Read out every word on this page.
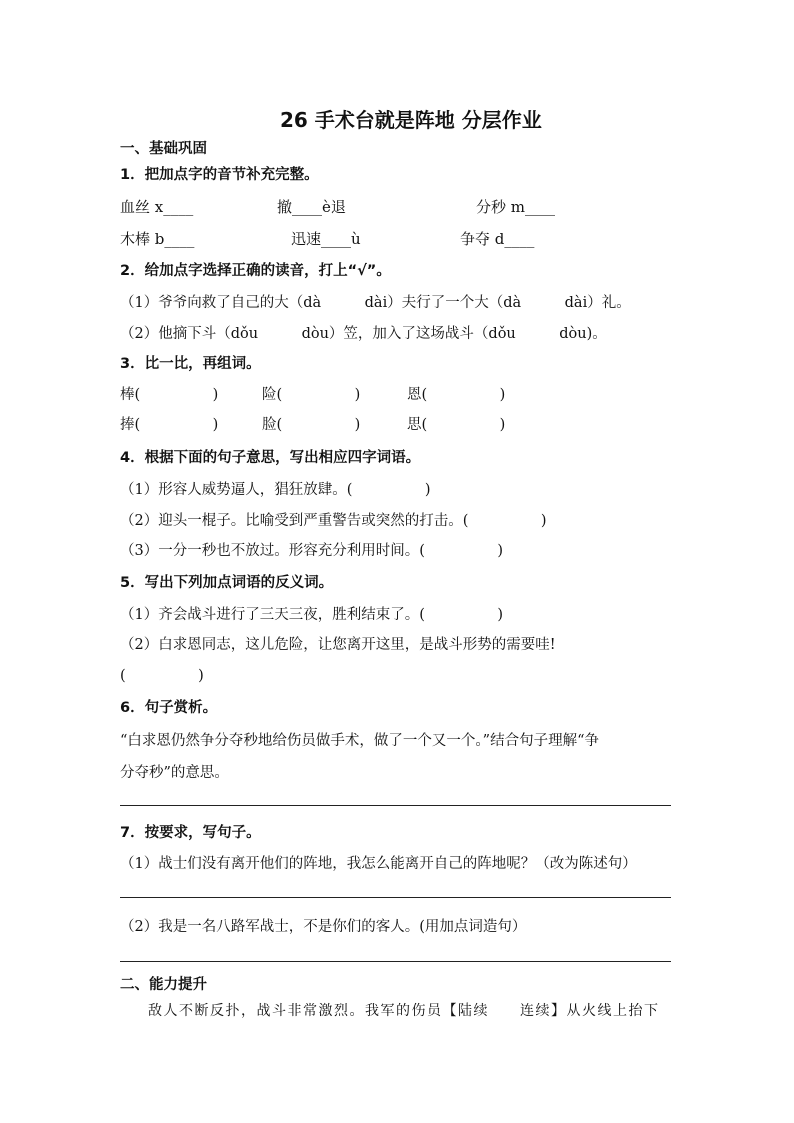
26 手术台就是阵地 分层作业
一、基础巩固
1．把加点字的音节补充完整。
血丝 x____	撤____è退	分秒 m____
木棒 b____	迅速____ù	争夺 d____
2．给加点字选择正确的读音，打上“√”。
（1）爷爷向救了自己的大（dà　　　dài）夫行了一个大（dà　　　dài）礼。
（2）他摘下斗（dǒu　　　dòu）笠，加入了这场战斗（dǒu　　　dòu)。
3．比一比，再组词。
棒(　　　　　)	险(　　　　　)	恩(　　　　　)
捧(　　　　　)	脸(　　　　　)	思(　　　　　)
4．根据下面的句子意思，写出相应四字词语。
（1）形容人威势逼人，猖狂放肆。(　　　　　)
（2）迎头一棍子。比喻受到严重警告或突然的打击。(　　　　　)
（3）一分一秒也不放过。形容充分利用时间。(　　　　　)
5．写出下列加点词语的反义词。
（1）齐会战斗进行了三天三夜，胜利结束了。(　　　　　)
（2）白求恩同志，这儿危险，让您离开这里，是战斗形势的需要哇!
(　　　　　)
6．句子赏析。
“白求恩仍然争分夺秒地给伤员做手术，做了一个又一个。”结合句子理解“争
分夺秒”的意思。
7．按要求，写句子。
（1）战士们没有离开他们的阵地，我怎么能离开自己的阵地呢？（改为陈述句）
（2）我是一名八路军战士，不是你们的客人。(用加点词造句）
二、能力提升
敌人不断反扑，战斗非常激烈。我军的伤员【陆续　　连续】从火线上抬下
